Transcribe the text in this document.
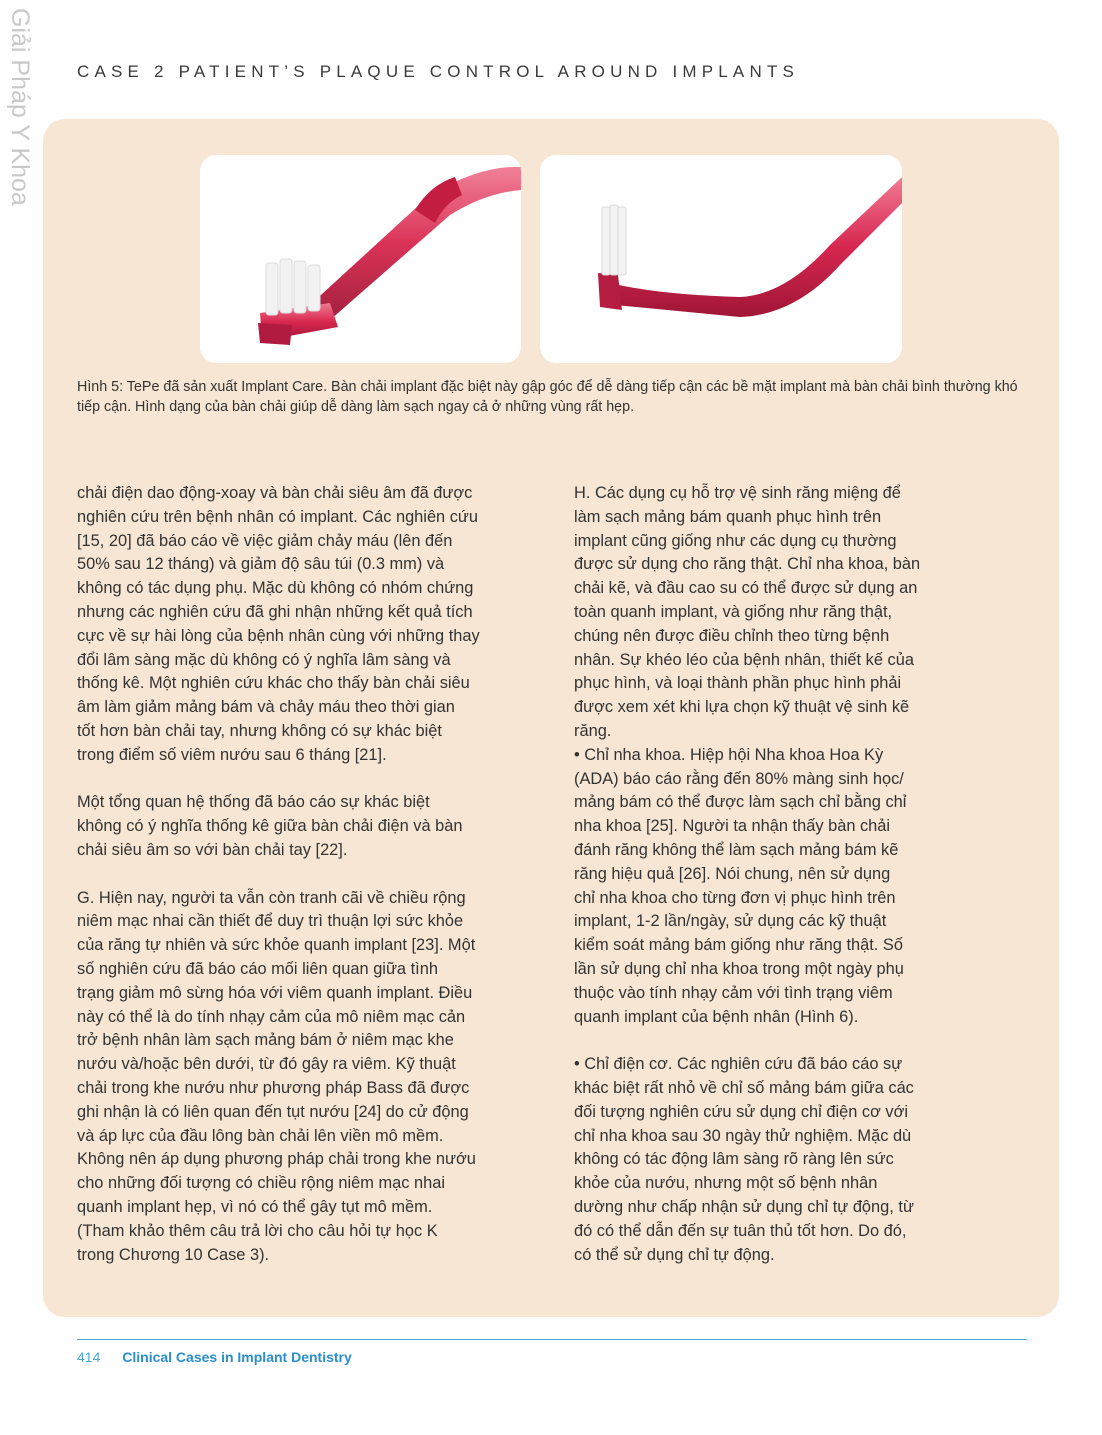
Giải Pháp Y Khoa	CASE 2 PATIENT’S PLAQUE CONTROL AROUND IMPLANTS
Hình 5: TePe đã sản xuất Implant Care. Bàn chải implant đặc biệt này gập góc để dễ dàng tiếp cận các bề mặt implant mà bàn chải bình thường khó tiếp cận. Hình dạng của bàn chải giúp dễ dàng làm sạch ngay cả ở những vùng rất hẹp.

chải điện dao động-xoay và bàn chải siêu âm đã được
nghiên cứu trên bệnh nhân có implant. Các nghiên cứu
[15, 20] đã báo cáo về việc giảm chảy máu (lên đến
50% sau 12 tháng) và giảm độ sâu túi (0.3 mm) và
không có tác dụng phụ. Mặc dù không có nhóm chứng
nhưng các nghiên cứu đã ghi nhận những kết quả tích
cực về sự hài lòng của bệnh nhân cùng với những thay
đổi lâm sàng mặc dù không có ý nghĩa lâm sàng và
thống kê. Một nghiên cứu khác cho thấy bàn chải siêu
âm làm giảm mảng bám và chảy máu theo thời gian
tốt hơn bàn chải tay, nhưng không có sự khác biệt
trong điểm số viêm nướu sau 6 tháng [21].

Một tổng quan hệ thống đã báo cáo sự khác biệt
không có ý nghĩa thống kê giữa bàn chải điện và bàn
chải siêu âm so với bàn chải tay [22].

G. Hiện nay, người ta vẫn còn tranh cãi về chiều rộng
niêm mạc nhai cần thiết để duy trì thuận lợi sức khỏe
của răng tự nhiên và sức khỏe quanh implant [23]. Một
số nghiên cứu đã báo cáo mối liên quan giữa tình
trạng giảm mô sừng hóa với viêm quanh implant. Điều
này có thể là do tính nhạy cảm của mô niêm mạc cản
trở bệnh nhân làm sạch mảng bám ở niêm mạc khe
nướu và/hoặc bên dưới, từ đó gây ra viêm. Kỹ thuật
chải trong khe nướu như phương pháp Bass đã được
ghi nhận là có liên quan đến tụt nướu [24] do cử động
và áp lực của đầu lông bàn chải lên viền mô mềm.
Không nên áp dụng phương pháp chải trong khe nướu
cho những đối tượng có chiều rộng niêm mạc nhai
quanh implant hẹp, vì nó có thể gây tụt mô mềm.
(Tham khảo thêm câu trả lời cho câu hỏi tự học K
trong Chương 10 Case 3).

H. Các dụng cụ hỗ trợ vệ sinh răng miệng để
làm sạch mảng bám quanh phục hình trên
implant cũng giống như các dụng cụ thường
được sử dụng cho răng thật. Chỉ nha khoa, bàn
chải kẽ, và đầu cao su có thể được sử dụng an
toàn quanh implant, và giống như răng thật,
chúng nên được điều chỉnh theo từng bệnh
nhân. Sự khéo léo của bệnh nhân, thiết kế của
phục hình, và loại thành phần phục hình phải
được xem xét khi lựa chọn kỹ thuật vệ sinh kẽ
răng.

• Chỉ nha khoa. Hiệp hội Nha khoa Hoa Kỳ
(ADA) báo cáo rằng đến 80% màng sinh học/
mảng bám có thể được làm sạch chỉ bằng chỉ
nha khoa [25]. Người ta nhận thấy bàn chải
đánh răng không thể làm sạch mảng bám kẽ
răng hiệu quả [26]. Nói chung, nên sử dụng
chỉ nha khoa cho từng đơn vị phục hình trên
implant, 1-2 lần/ngày, sử dụng các kỹ thuật
kiểm soát mảng bám giống như răng thật. Số
lần sử dụng chỉ nha khoa trong một ngày phụ
thuộc vào tính nhạy cảm với tình trạng viêm
quanh implant của bệnh nhân (Hình 6).

• Chỉ điện cơ. Các nghiên cứu đã báo cáo sự
khác biệt rất nhỏ về chỉ số mảng bám giữa các
đối tượng nghiên cứu sử dụng chỉ điện cơ với
chỉ nha khoa sau 30 ngày thử nghiệm. Mặc dù
không có tác động lâm sàng rõ ràng lên sức
khỏe của nướu, nhưng một số bệnh nhân
dường như chấp nhận sử dụng chỉ tự động, từ
đó có thể dẫn đến sự tuân thủ tốt hơn. Do đó,
có thể sử dụng chỉ tự động.

414 Clinical Cases in Implant Dentistry
